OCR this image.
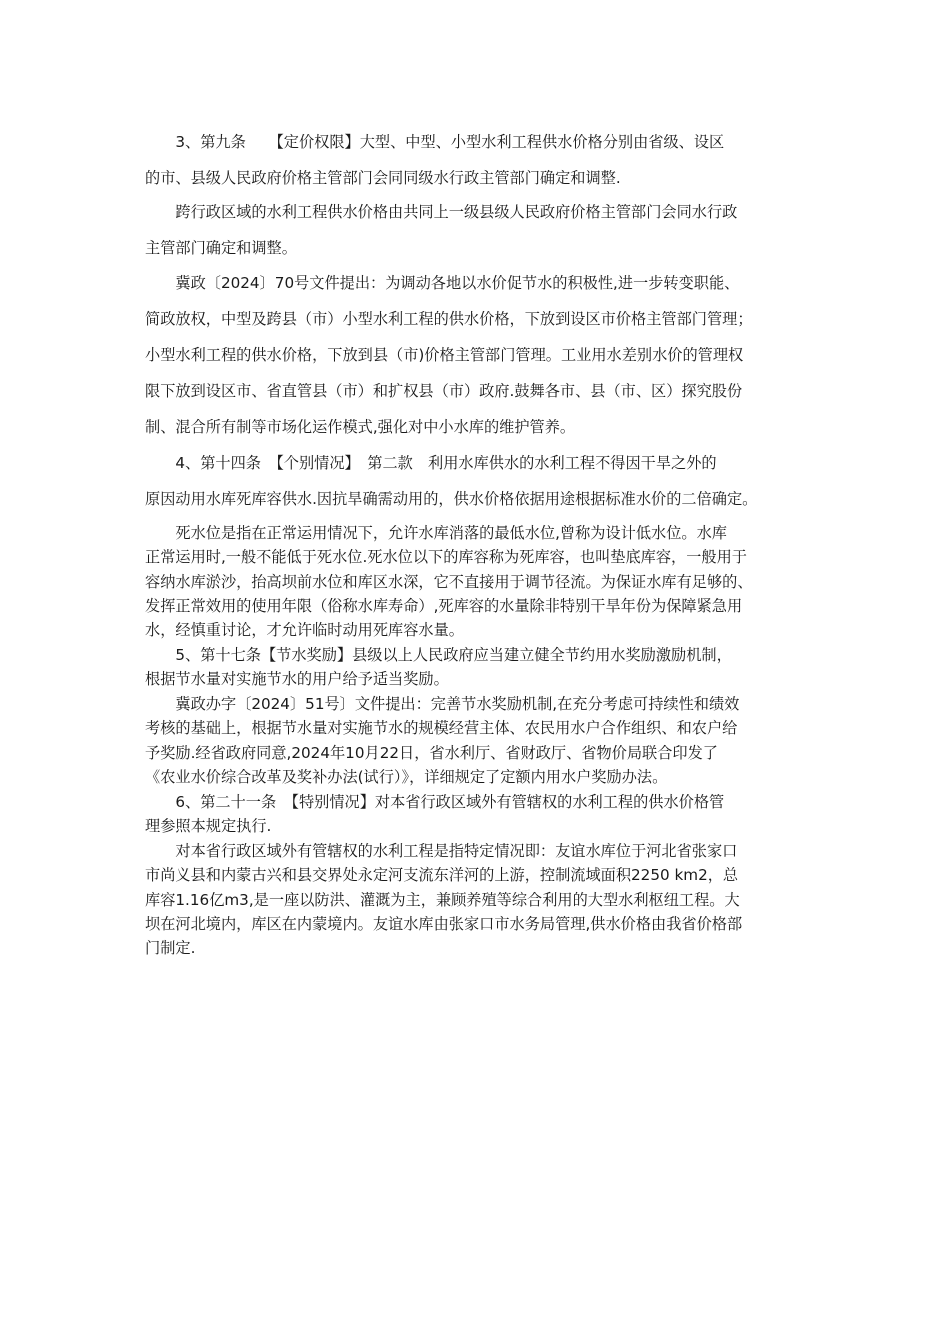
　　3、第九条　　【定价权限】大型、中型、小型水利工程供水价格分别由省级、设区
的市、县级人民政府价格主管部门会同同级水行政主管部门确定和调整.
　　跨行政区域的水利工程供水价格由共同上一级县级人民政府价格主管部门会同水行政
主管部门确定和调整。
　　冀政〔2024〕70号文件提出：为调动各地以水价促节水的积极性,进一步转变职能、
简政放权，中型及跨县（市）小型水利工程的供水价格，下放到设区市价格主管部门管理；
小型水利工程的供水价格，下放到县（市)价格主管部门管理。工业用水差别水价的管理权
限下放到设区市、省直管县（市）和扩权县（市）政府.鼓舞各市、县（市、区）探究股份
制、混合所有制等市场化运作模式,强化对中小水库的维护管养。
　　4、第十四条　【个别情况】　第二款　利用水库供水的水利工程不得因干旱之外的
原因动用水库死库容供水.因抗旱确需动用的，供水价格依据用途根据标准水价的二倍确定。
　　死水位是指在正常运用情况下，允许水库消落的最低水位,曾称为设计低水位。水库
正常运用时,一般不能低于死水位.死水位以下的库容称为死库容，也叫垫底库容，一般用于
容纳水库淤沙，抬高坝前水位和库区水深，它不直接用于调节径流。为保证水库有足够的、
发挥正常效用的使用年限（俗称水库寿命）,死库容的水量除非特别干旱年份为保障紧急用
水，经慎重讨论，才允许临时动用死库容水量。
　　5、第十七条【节水奖励】县级以上人民政府应当建立健全节约用水奖励激励机制，
根据节水量对实施节水的用户给予适当奖励。
　　冀政办字〔2024〕51号〕文件提出：完善节水奖励机制,在充分考虑可持续性和绩效
考核的基础上，根据节水量对实施节水的规模经营主体、农民用水户合作组织、和农户给
予奖励.经省政府同意,2024年10月22日，省水利厅、省财政厅、省物价局联合印发了
《农业水价综合改革及奖补办法(试行）》，详细规定了定额内用水户奖励办法。
　　6、第二十一条　【特别情况】对本省行政区域外有管辖权的水利工程的供水价格管
理参照本规定执行.
　　对本省行政区域外有管辖权的水利工程是指特定情况即：友谊水库位于河北省张家口
市尚义县和内蒙古兴和县交界处永定河支流东洋河的上游，控制流域面积2250 km2，总
库容1.16亿m3,是一座以防洪、灌溉为主，兼顾养殖等综合利用的大型水利枢纽工程。大
坝在河北境内，库区在内蒙境内。友谊水库由张家口市水务局管理,供水价格由我省价格部
门制定.
